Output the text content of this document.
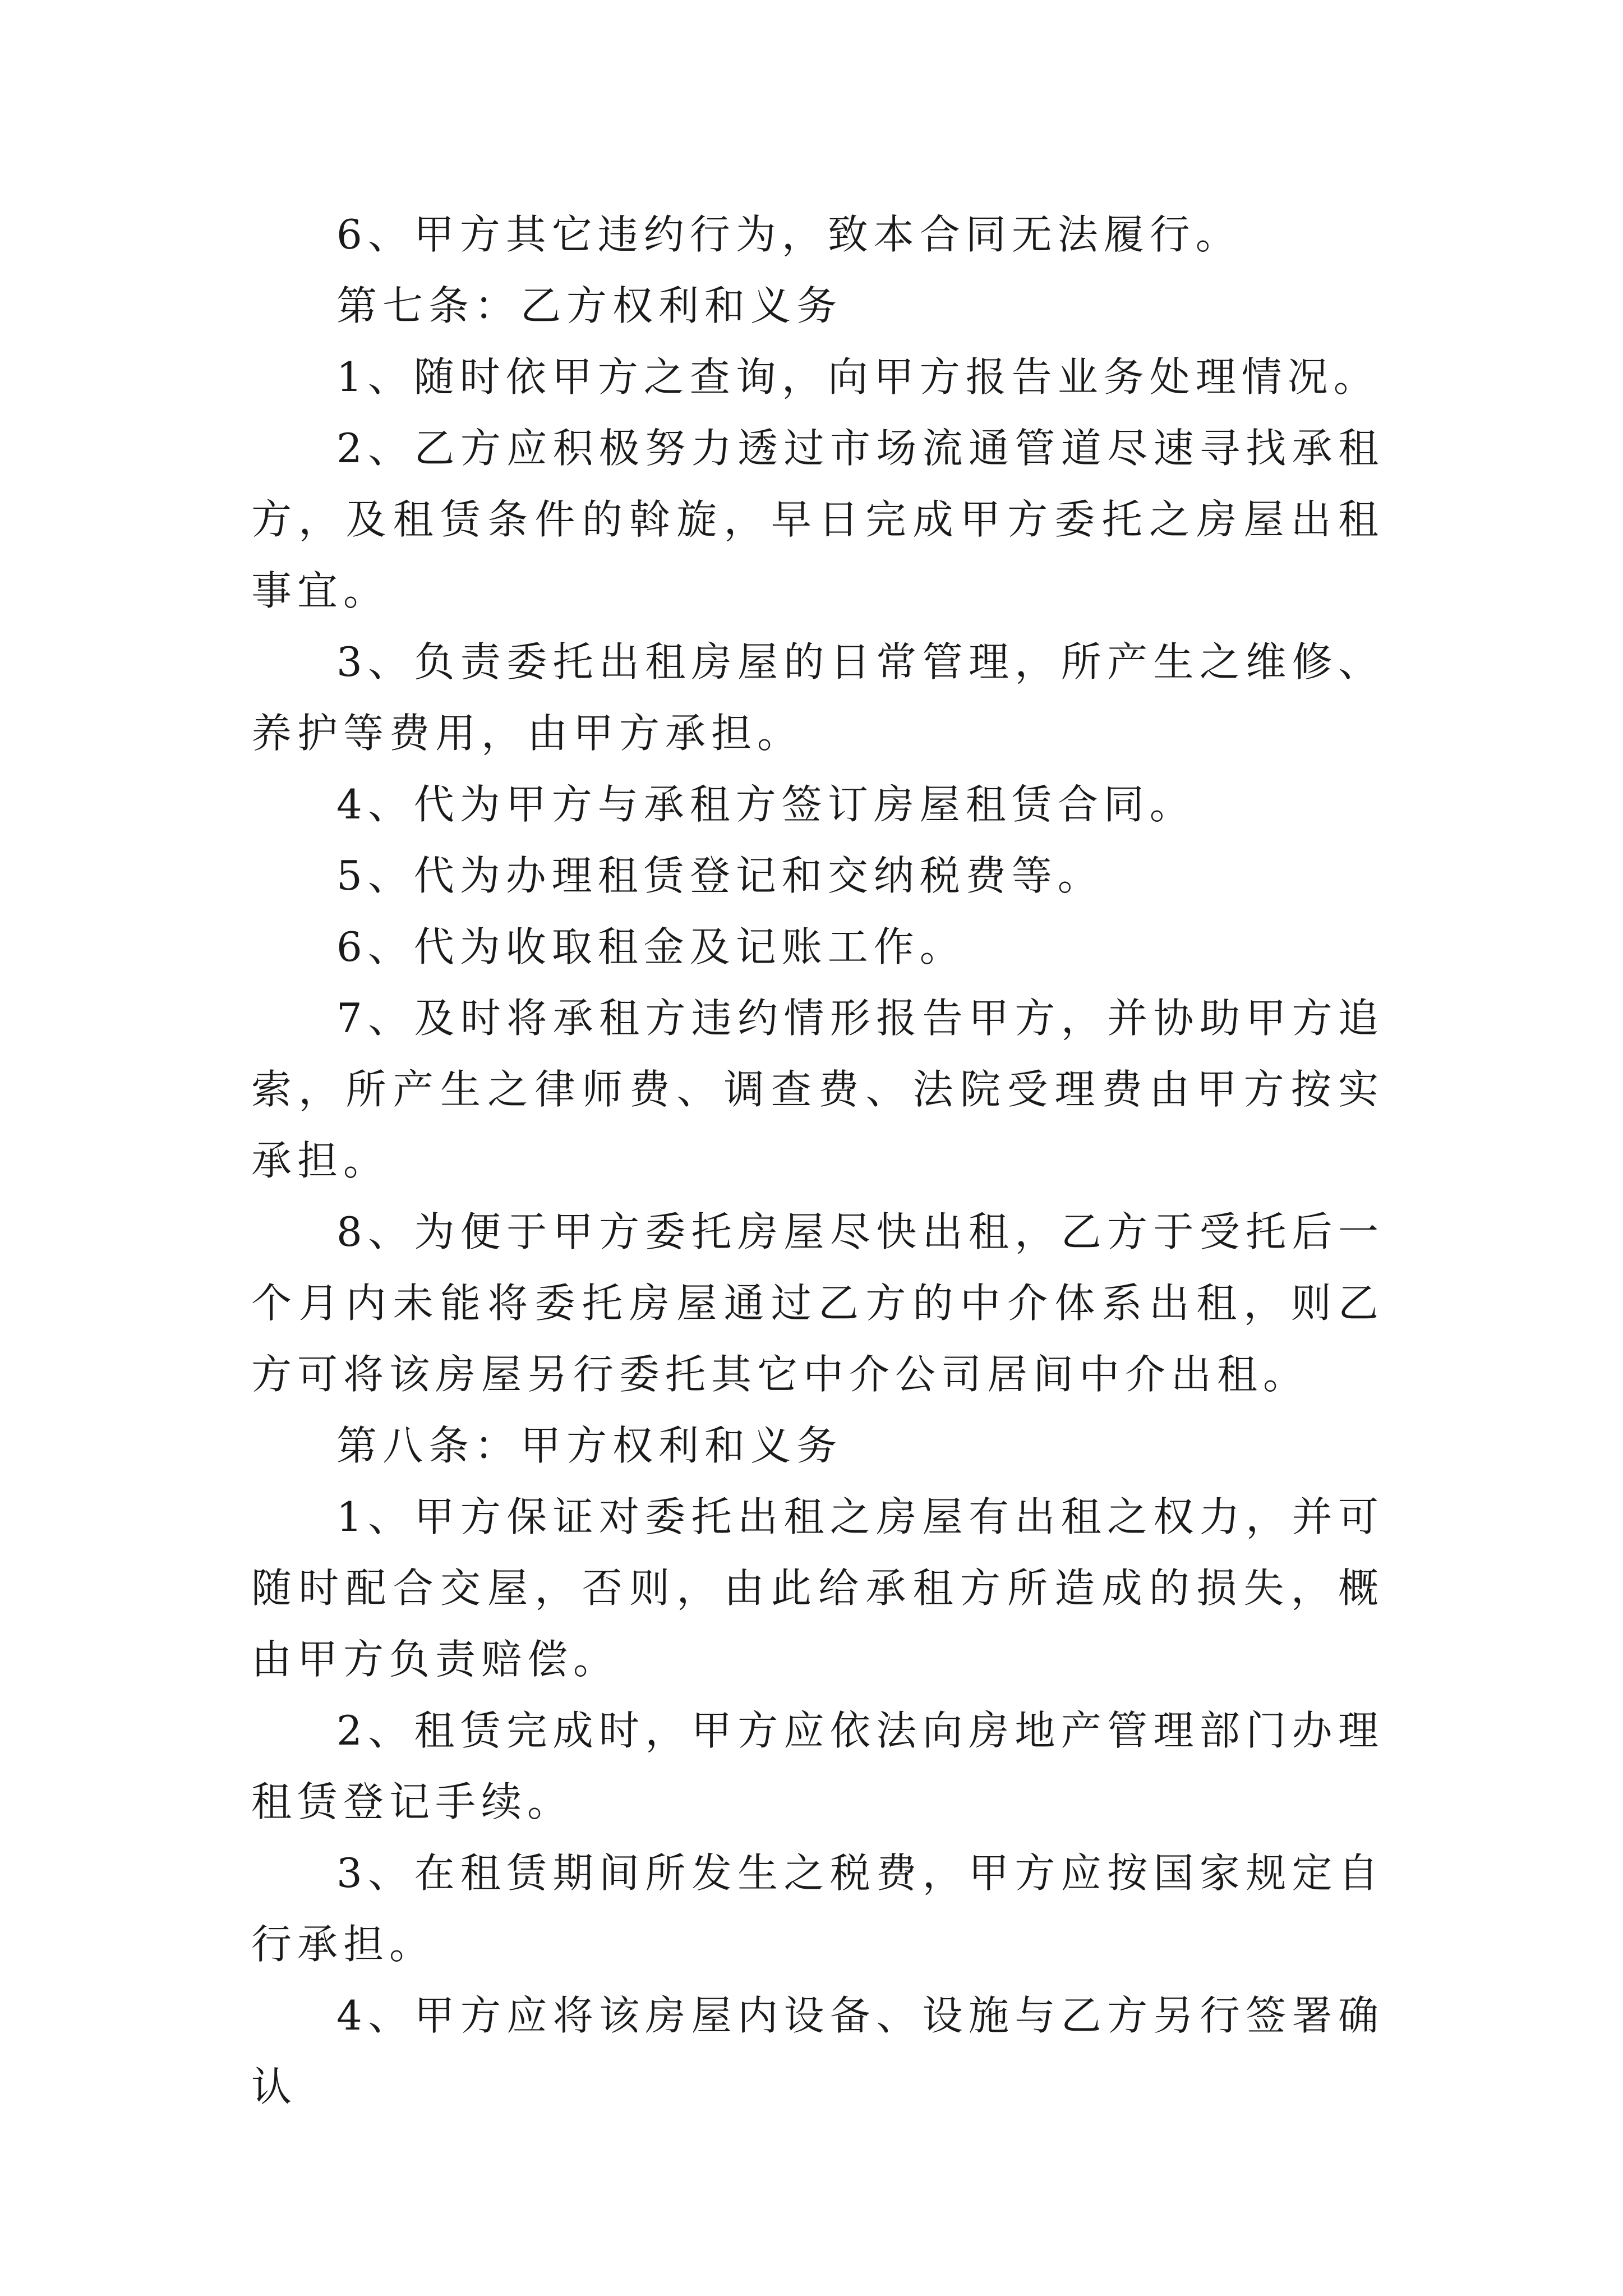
6、甲方其它违约行为，致本合同无法履行。

第七条：乙方权利和义务

1、随时依甲方之查询，向甲方报告业务处理情况。

2、乙方应积极努力透过市场流通管道尽速寻找承租方，及租赁条件的斡旋，早日完成甲方委托之房屋出租事宜。

3、负责委托出租房屋的日常管理，所产生之维修、养护等费用，由甲方承担。

4、代为甲方与承租方签订房屋租赁合同。

5、代为办理租赁登记和交纳税费等。

6、代为收取租金及记账工作。

7、及时将承租方违约情形报告甲方，并协助甲方追索，所产生之律师费、调查费、法院受理费由甲方按实承担。

8、为便于甲方委托房屋尽快出租，乙方于受托后一个月内未能将委托房屋通过乙方的中介体系出租，则乙方可将该房屋另行委托其它中介公司居间中介出租。

第八条：甲方权利和义务

1、甲方保证对委托出租之房屋有出租之权力，并可随时配合交屋，否则，由此给承租方所造成的损失，概由甲方负责赔偿。

2、租赁完成时，甲方应依法向房地产管理部门办理租赁登记手续。

3、在租赁期间所发生之税费，甲方应按国家规定自行承担。

4、甲方应将该房屋内设备、设施与乙方另行签署确认
